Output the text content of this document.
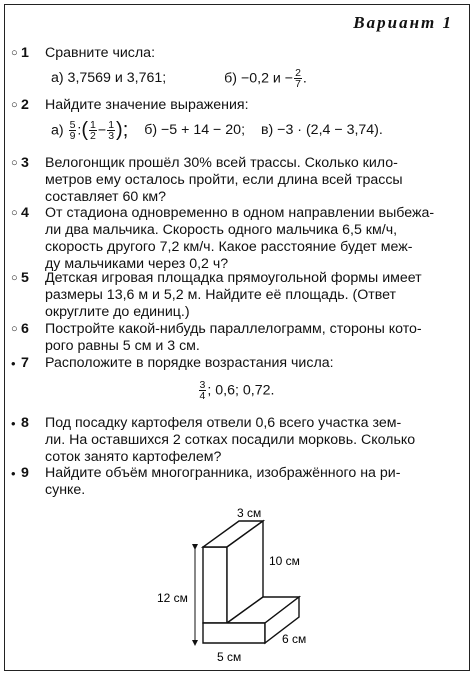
Вариант 1
○ 1 Сравните числа:
а) 3,7569 и 3,761;	б) −0,2 $и - \frac{2}{7}$ .
○ 2 Найдите значение выражения:
$а) \frac{5}{9}$ :( $\frac{1}{2} - \frac{1}{3}$ ); б) −5 + 14 − 20; в) −3 · (2,4 − 3,74).
○ 3 Велогонщик прошёл 30% всей трассы. Сколько кило-
метров ему осталось пройти, если длина всей трассы
составляет 60 км?
○ 4 От стадиона одновременно в одном направлении выбежа-
ли два мальчика. Скорость одного мальчика 6,5 км/ч,
скорость другого 7,2 км/ч. Какое расстояние будет меж-
ду мальчиками через 0,2 ч?
○ 5 Детская игровая площадка прямоугольной формы имеет
размеры 13,6 м и 5,2 м. Найдите её площадь. (Ответ
округлите до единиц.)
○ 6 Постройте какой-нибудь параллелограмм, стороны кото-
рого равны 5 см и 3 см.
• 7 Расположите в порядке возрастания числа:
$\frac{3}{4}$ ; 0,6; 0,72.
• 8 Под посадку картофеля отвели 0,6 всего участка зем-
ли. На оставшихся 2 сотках посадили морковь. Сколько
соток занято картофелем?
• 9 Найдите объём многогранника, изображённого на ри-
сунке.
12 см
3 см
10 см
6 см
5 см
